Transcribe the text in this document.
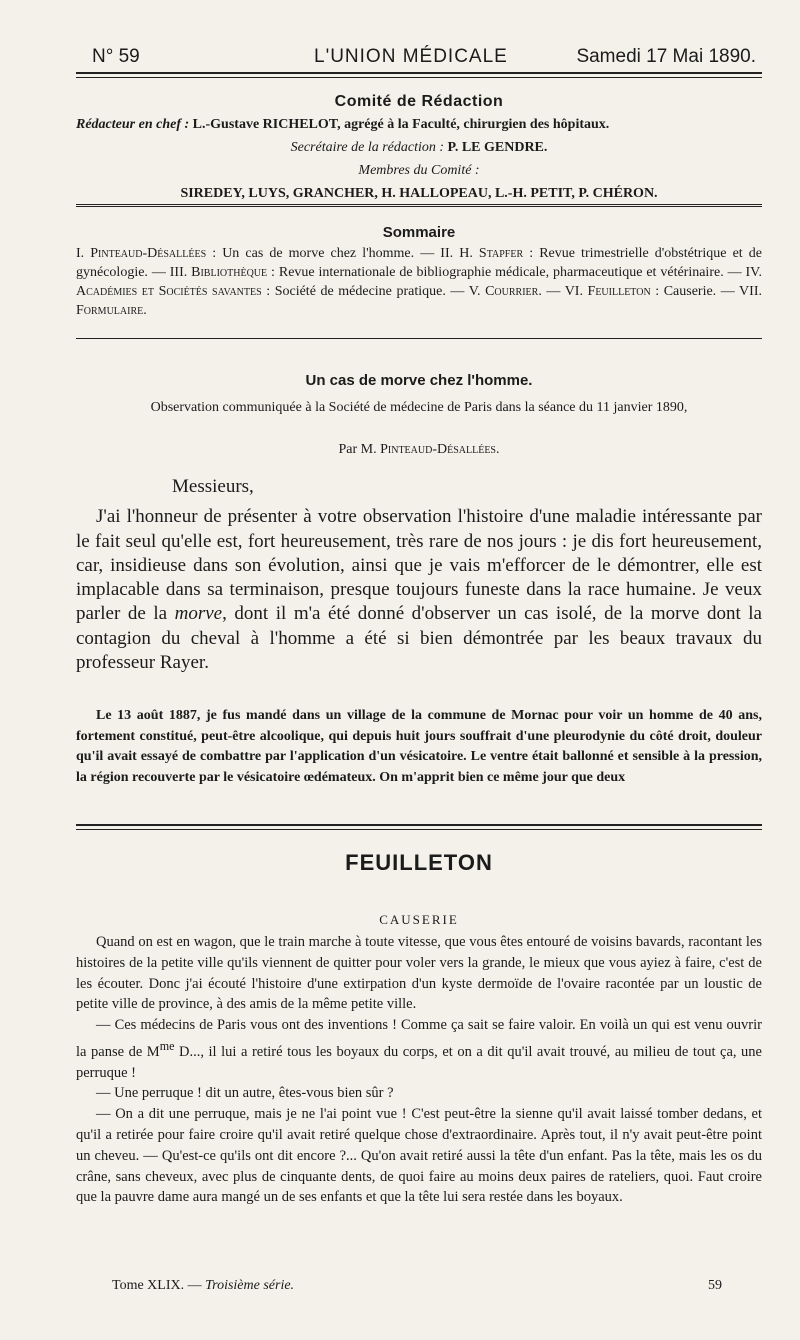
N° 59	L'UNION MÉDICALE	Samedi 17 Mai 1890.
Comité de Rédaction
Rédacteur en chef : L.-Gustave RICHELOT, agrégé à la Faculté, chirurgien des hôpitaux.
Secrétaire de la rédaction : P. LE GENDRE.
Membres du Comité :
SIREDEY, LUYS, GRANCHER, H. HALLOPEAU, L.-H. PETIT, P. CHÉRON.
Sommaire
I. Pinteaud-Désallées : Un cas de morve chez l'homme. — II. H. Stapfer : Revue trimestrielle d'obstétrique et de gynécologie. — III. Bibliothèque : Revue internationale de bibliographie médicale, pharmaceutique et vétérinaire. — IV. Académies et Sociétés savantes : Société de médecine pratique. — V. Courrier. — VI. Feuilleton : Causerie. — VII. Formulaire.
Un cas de morve chez l'homme.
Observation communiquée à la Société de médecine de Paris dans la séance du 11 janvier 1890,
Par M. Pinteaud-Désallées.
Messieurs,

J'ai l'honneur de présenter à votre observation l'histoire d'une maladie intéressante par le fait seul qu'elle est, fort heureusement, très rare de nos jours : je dis fort heureusement, car, insidieuse dans son évolution, ainsi que je vais m'efforcer de le démontrer, elle est implacable dans sa terminaison, presque toujours funeste dans la race humaine. Je veux parler de la morve, dont il m'a été donné d'observer un cas isolé, de la morve dont la contagion du cheval à l'homme a été si bien démontrée par les beaux travaux du professeur Rayer.

Le 13 août 1887, je fus mandé dans un village de la commune de Mornac pour voir un homme de 40 ans, fortement constitué, peut-être alcoolique, qui depuis huit jours souffrait d'une pleurodynie du côté droit, douleur qu'il avait essayé de combattre par l'application d'un vésicatoire. Le ventre était ballonné et sensible à la pression, la région recouverte par le vésicatoire œdémateux. On m'apprit bien ce même jour que deux

FEUILLETON
CAUSERIE

Quand on est en wagon, que le train marche à toute vitesse, que vous êtes entouré de voisins bavards, racontant les histoires de la petite ville qu'ils viennent de quitter pour voler vers la grande, le mieux que vous ayiez à faire, c'est de les écouter. Donc j'ai écouté l'histoire d'une extirpation d'un kyste dermoïde de l'ovaire racontée par un loustic de petite ville de province, à des amis de la même petite ville.

— Ces médecins de Paris vous ont des inventions ! Comme ça sait se faire valoir. En voilà un qui est venu ouvrir la panse de $M^{me}$ D..., il lui a retiré tous les boyaux du corps, et on a dit qu'il avait trouvé, au milieu de tout ça, une perruque !

— Une perruque ! dit un autre, êtes-vous bien sûr ?

— On a dit une perruque, mais je ne l'ai point vue ! C'est peut-être la sienne qu'il avait laissé tomber dedans, et qu'il a retirée pour faire croire qu'il avait retiré quelque chose d'extraordinaire. Après tout, il n'y avait peut-être point un cheveu. — Qu'est-ce qu'ils ont dit encore ?... Qu'on avait retiré aussi la tête d'un enfant. Pas la tête, mais les os du crâne, sans cheveux, avec plus de cinquante dents, de quoi faire au moins deux paires de rateliers, quoi. Faut croire que la pauvre dame aura mangé un de ses enfants et que la tête lui sera restée dans les boyaux.

Tome XLIX. — Troisième série.	59
